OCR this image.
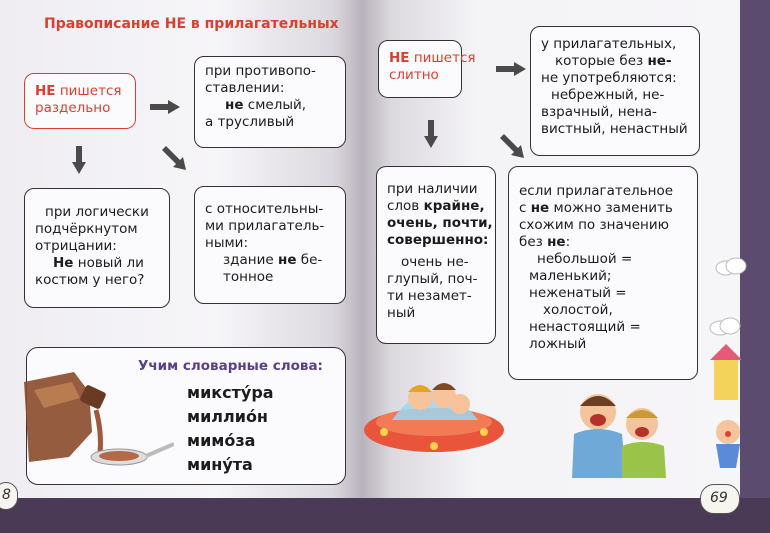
Правописание НЕ в прилагательных
НЕ пишется
раздельно
при противопо-
ставлении:
не смелый,
а трусливый
при логически
подчёркнутом
отрицании:
Не новый ли
костюм у него?
с относительны-
ми прилагатель-
ными:
здание не бе-
тонное
Учим словарные слова:
миксту́ра
миллио́н
мимо́за
мину́та
8
НЕ пишется
слитно
у прилагательных,
которые без не-
не употребляются:
небрежный, не-
взрачный, нена-
вистный, ненастный
при наличии
слов крайне,
очень, почти,
совершенно:
очень не-
глупый, поч-
ти незамет-
ный
если прилагательное
с не можно заменить
схожим по значению
без не:
небольшой =
маленький;
неженатый =
холостой,
ненастоящий =
ложный
69
